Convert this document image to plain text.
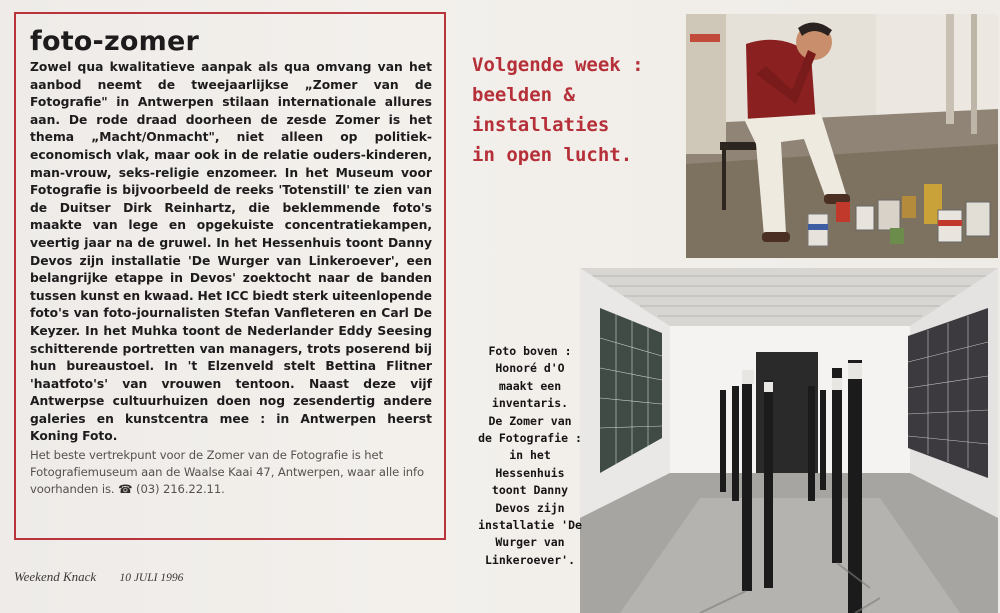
foto-zomer

Zowel qua kwalitatieve aanpak als qua omvang van het aanbod neemt de tweejaarlijkse „Zomer van de Fotografie" in Antwerpen stilaan internationale allures aan. De rode draad doorheen de zesde Zomer is het thema „Macht/Onmacht", niet alleen op politiek-economisch vlak, maar ook in de relatie ouders-kinderen, man-vrouw, seks-religie enzomeer. In het Museum voor Fotografie is bijvoorbeeld de reeks 'Totenstill' te zien van de Duitser Dirk Reinhartz, die beklemmende foto's maakte van lege en opgekuiste concentratiekampen, veertig jaar na de gruwel. In het Hessenhuis toont Danny Devos zijn installatie 'De Wurger van Linkeroever', een belangrijke etappe in Devos' zoektocht naar de banden tussen kunst en kwaad. Het ICC biedt sterk uiteenlopende foto's van foto-journalisten Stefan Vanfleteren en Carl De Keyzer. In het Muhka toont de Nederlander Eddy Seesing schitterende portretten van managers, trots poserend bij hun bureaustoel. In 't Elzenveld stelt Bettina Flitner 'haatfoto's' van vrouwen tentoon. Naast deze vijf Antwerpse cultuurhuizen doen nog zesendertig andere galeries en kunstcentra mee : in Antwerpen heerst Koning Foto.

Het beste vertrekpunt voor de Zomer van de Fotografie is het Fotografiemuseum aan de Waalse Kaai 47, Antwerpen, waar alle info voorhanden is. ☎ (03) 216.22.11.

Volgende week :
beelden &
installaties
in open lucht.
Foto boven :
Honoré d'O
maakt een
inventaris.
De Zomer van
de Fotografie :
in het
Hessenhuis
toont Danny
Devos zijn
installatie 'De
Wurger van
Linkeroever'.
Weekend Knack 10 JULI 1996
